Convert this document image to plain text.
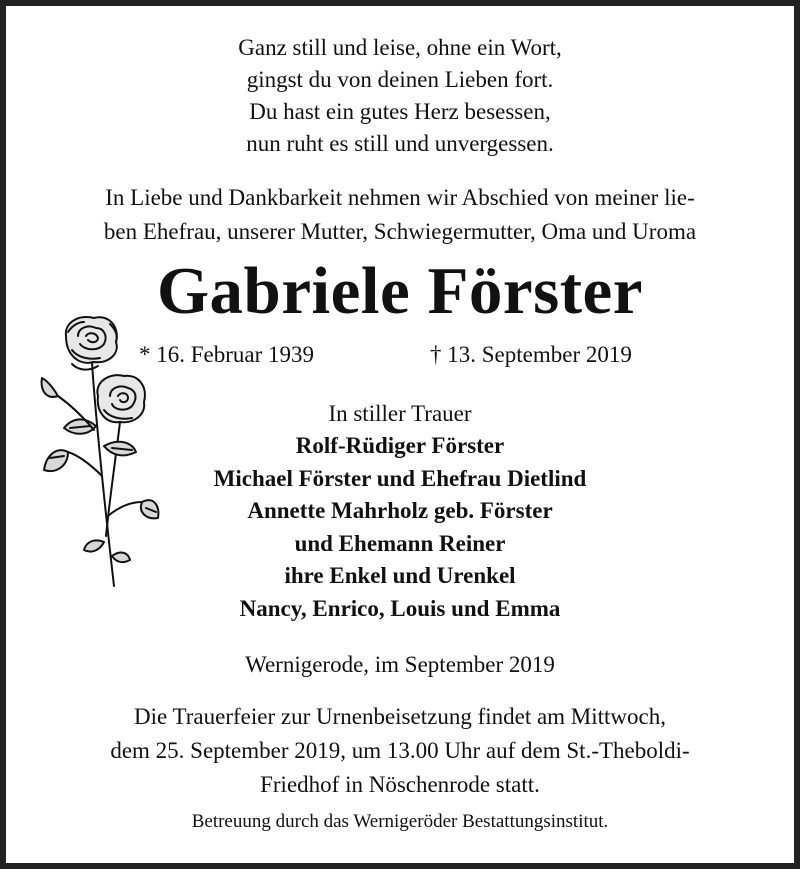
Ganz still und leise, ohne ein Wort,
gingst du von deinen Lieben fort.
Du hast ein gutes Herz besessen,
nun ruht es still und unvergessen.
In Liebe und Dankbarkeit nehmen wir Abschied von meiner lie-
ben Ehefrau, unserer Mutter, Schwiegermutter, Oma und Uroma
Gabriele Förster
* 16. Februar 1939	† 13. September 2019
In stiller Trauer
Rolf-Rüdiger Förster
Michael Förster und Ehefrau Dietlind
Annette Mahrholz geb. Förster
und Ehemann Reiner
ihre Enkel und Urenkel
Nancy, Enrico, Louis und Emma
Wernigerode, im September 2019
Die Trauerfeier zur Urnenbeisetzung findet am Mittwoch,
dem 25. September 2019, um 13.00 Uhr auf dem St.-Theboldi-
Friedhof in Nöschenrode statt.
Betreuung durch das Wernigeröder Bestattungsinstitut.
